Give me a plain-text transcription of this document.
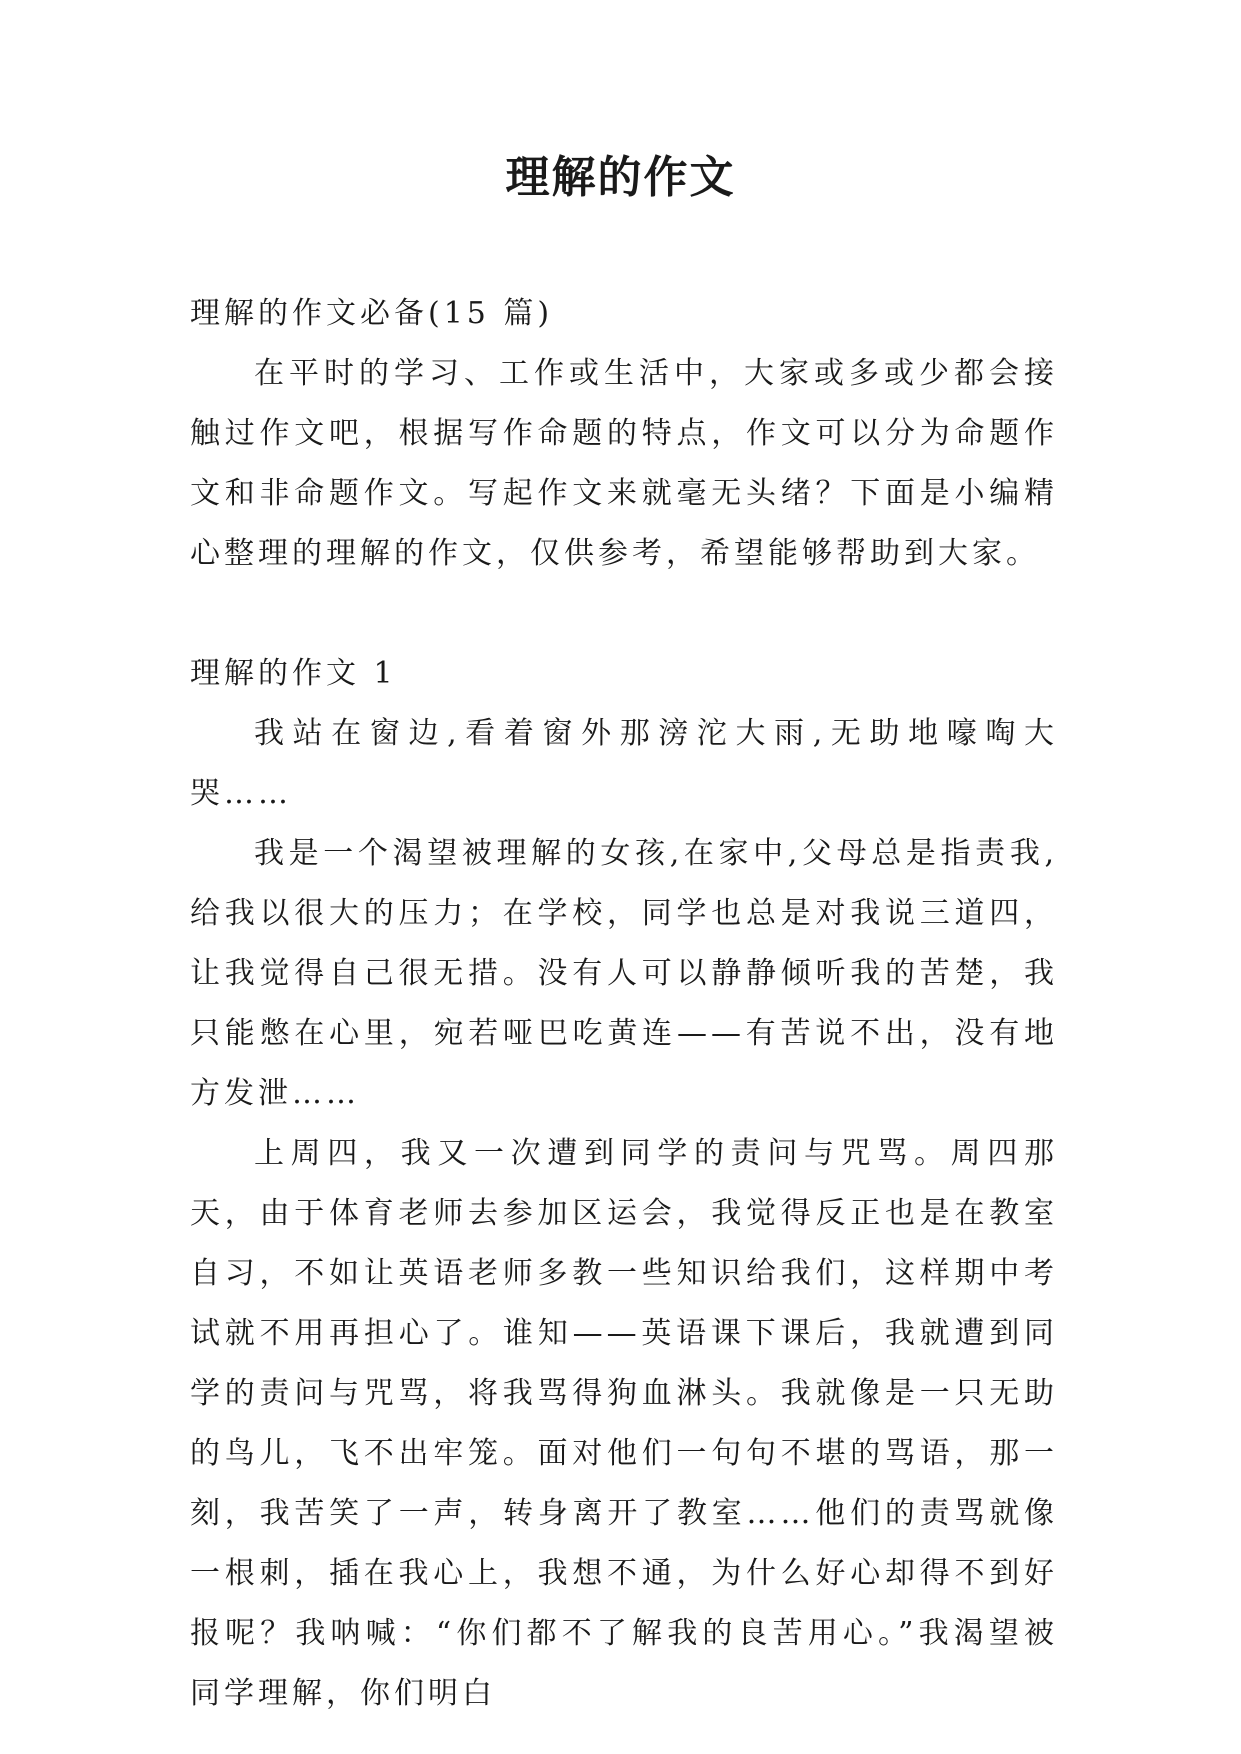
理解的作文

理解的作文必备(15 篇)

在平时的学习、工作或生活中，大家或多或少都会接触过作文吧，根据写作命题的特点，作文可以分为命题作文和非命题作文。写起作文来就毫无头绪？下面是小编精心整理的理解的作文，仅供参考，希望能够帮助到大家。

理解的作文 1

我站在窗边,看着窗外那滂沱大雨,无助地嚎啕大哭……

我是一个渴望被理解的女孩,在家中,父母总是指责我,给我以很大的压力；在学校，同学也总是对我说三道四，让我觉得自己很无措。没有人可以静静倾听我的苦楚，我只能憋在心里，宛若哑巴吃黄连——有苦说不出，没有地方发泄……

上周四，我又一次遭到同学的责问与咒骂。周四那天，由于体育老师去参加区运会，我觉得反正也是在教室自习，不如让英语老师多教一些知识给我们，这样期中考试就不用再担心了。谁知——英语课下课后，我就遭到同学的责问与咒骂，将我骂得狗血淋头。我就像是一只无助的鸟儿，飞不出牢笼。面对他们一句句不堪的骂语，那一刻，我苦笑了一声，转身离开了教室……他们的责骂就像一根刺，插在我心上，我想不通，为什么好心却得不到好报呢？我呐喊：“你们都不了解我的良苦用心。”我渴望被同学理解，你们明白
